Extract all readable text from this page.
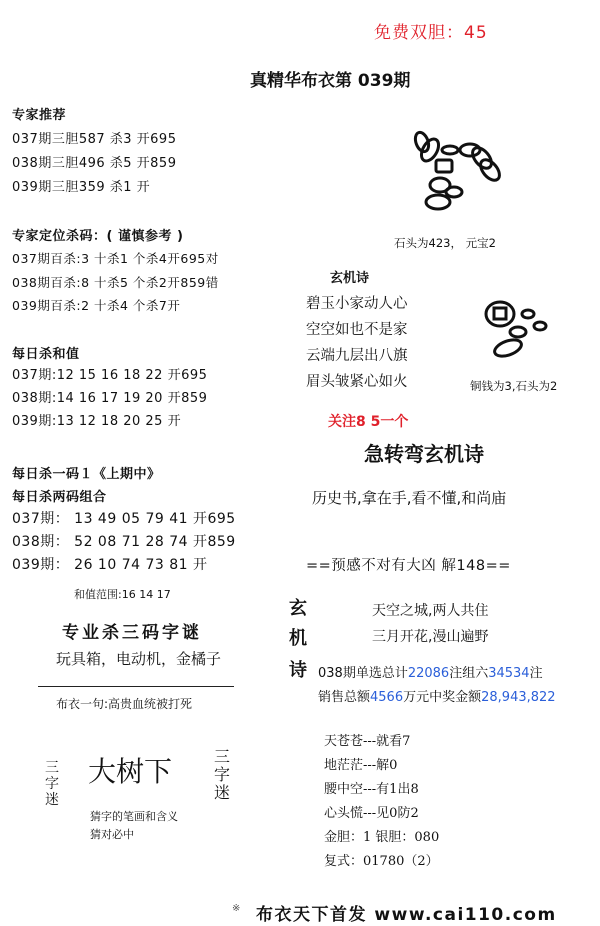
免费双胆：45
真精华布衣第 039期
专家推荐
037期三胆587 杀3 开695
038期三胆496 杀5 开859
039期三胆359 杀1 开
专家定位杀码：( 谨慎参考 )
037期百杀:3 十杀1 个杀4开695对
038期百杀:8 十杀5 个杀2开859错
039期百杀:2 十杀4 个杀7开
每日杀和值
037期:12 15 16 18 22 开695
038期:14 16 17 19 20 开859
039期:13 12 18 20 25 开
每日杀一码１《上期中》
每日杀两码组合
037期： 13 49 05 79 41 开695
038期： 52 08 71 28 74 开859
039期： 26 10 74 73 81 开
和值范围:16 14 17
专业杀三码字谜
玩具箱，电动机，金橘子
布衣一句:高贵血统被打死
三字迷
大树下	三字迷
猜字的笔画和含义
猜对必中
石头为423， 元宝2
玄机诗
碧玉小家动人心
空空如也不是家
云端九层出八旗
眉头皱紧心如火	铜钱为3,石头为2
关注8 5一个
急转弯玄机诗
历史书,拿在手,看不懂,和尚庙
==预感不对有大凶 解148==
玄
机
诗
天空之城,两人共住
三月开花,漫山遍野
038期单选总计22086注组六34534注
销售总额4566万元中奖金额28,943,822
天苍苍---就看7
地茫茫---解0
腰中空---有1出8
心头慌---见0防2
金胆：1 银胆：080
复式：01780（2）
※ 布衣天下首发 www.cai110.com
